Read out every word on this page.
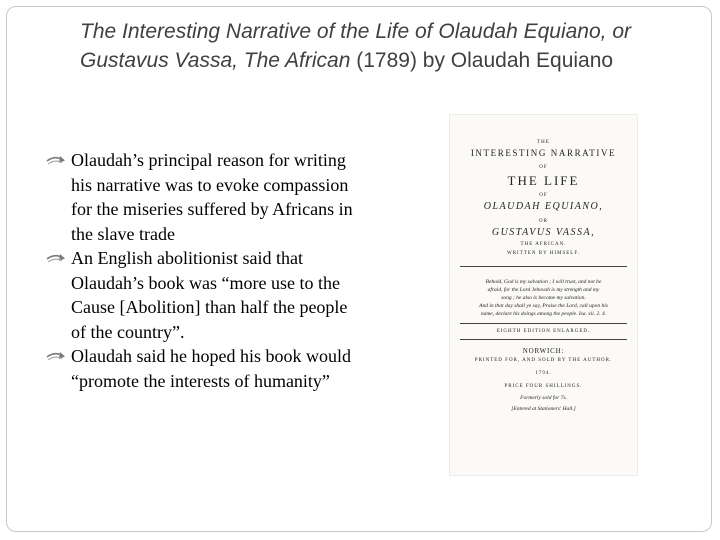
The Interesting Narrative of the Life of Olaudah Equiano, or Gustavus Vassa, The African (1789) by Olaudah Equiano
Olaudah’s principal reason for writing his narrative was to evoke compassion for the miseries suffered by Africans in the slave trade
An English abolitionist said that Olaudah’s book was “more use to the Cause [Abolition] than half the people of the country”.
Olaudah said he hoped his book would “promote the interests of humanity”
THE
INTERESTING NARRATIVE
OF
THE LIFE
OF
OLAUDAH EQUIANO,
OR
GUSTAVUS VASSA,
THE AFRICAN.
WRITTEN BY HIMSELF.
Behold, God is my salvation ; I will trust, and not be
afraid, for the Lord Jehovah is my strength and my
song ; he also is become my salvation.
And in that day shall ye say, Praise the Lord, call upon his
name, declare his doings among the people. Isa. xii. 2. 4.
EIGHTH EDITION ENLARGED.
NORWICH:
PRINTED FOR, AND SOLD BY THE AUTHOR.
1794.
PRICE FOUR SHILLINGS.
Formerly sold for 7s.
[Entered at Stationers' Hall.]
